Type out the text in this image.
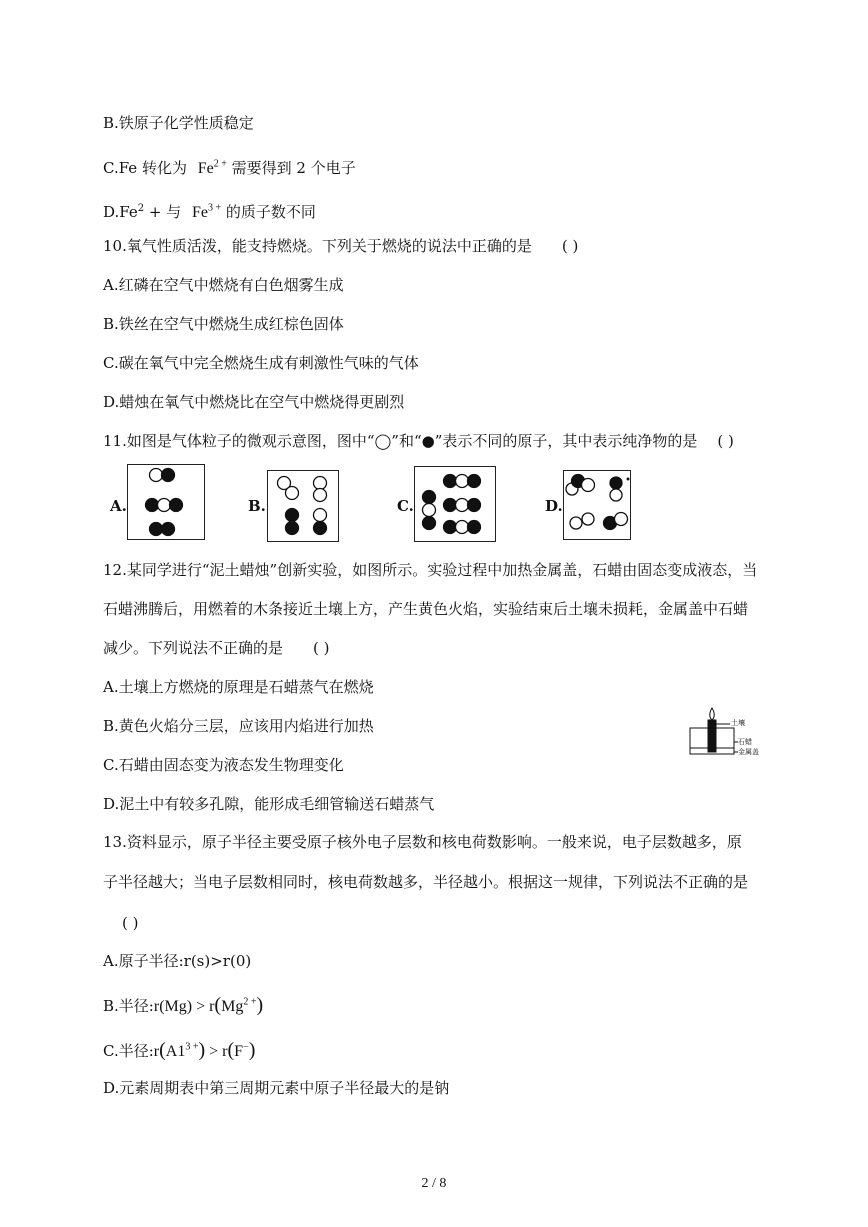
B.铁原子化学性质稳定
C.Fe 转化为 $Fe^{2 +}$ 需要得到 2 个电子
$D.Fe^2$ + 与 $Fe^{3 +}$ 的质子数不同
10.氧气性质活泼，能支持燃烧。下列关于燃烧的说法中正确的是 ( )
A.红磷在空气中燃烧有白色烟雾生成
B.铁丝在空气中燃烧生成红棕色固体
C.碳在氧气中完全燃烧生成有刺激性气味的气体
D.蜡烛在氧气中燃烧比在空气中燃烧得更剧烈
11.如图是气体粒子的微观示意图，图中“◯”和“●”表示不同的原子，其中表示纯净物的是 ( )
A.	B.	C.	D.
12.某同学进行“泥土蜡烛”创新实验，如图所示。实验过程中加热金属盖，石蜡由固态变成液态，当
石蜡沸腾后，用燃着的木条接近土壤上方，产生黄色火焰，实验结束后土壤未损耗，金属盖中石蜡
减少。下列说法不正确的是 ( )
A.土壤上方燃烧的原理是石蜡蒸气在燃烧
B.黄色火焰分三层，应该用内焰进行加热
C.石蜡由固态变为液态发生物理变化
D.泥土中有较多孔隙，能形成毛细管输送石蜡蒸气
土壤
石蜡
金属盖
13.资料显示，原子半径主要受原子核外电子层数和核电荷数影响。一般来说，电子层数越多，原
子半径越大；当电子层数相同时，核电荷数越多，半径越小。根据这一规律，下列说法不正确的是
( )
A.原子半径:r(s)>r(0)
B.半径:r(Mg) > $r(Mg^{2 +})$
C.半径$:r(A1^{3 +}) > r(F^-)$
D.元素周期表中第三周期元素中原子半径最大的是钠
2 / 8
